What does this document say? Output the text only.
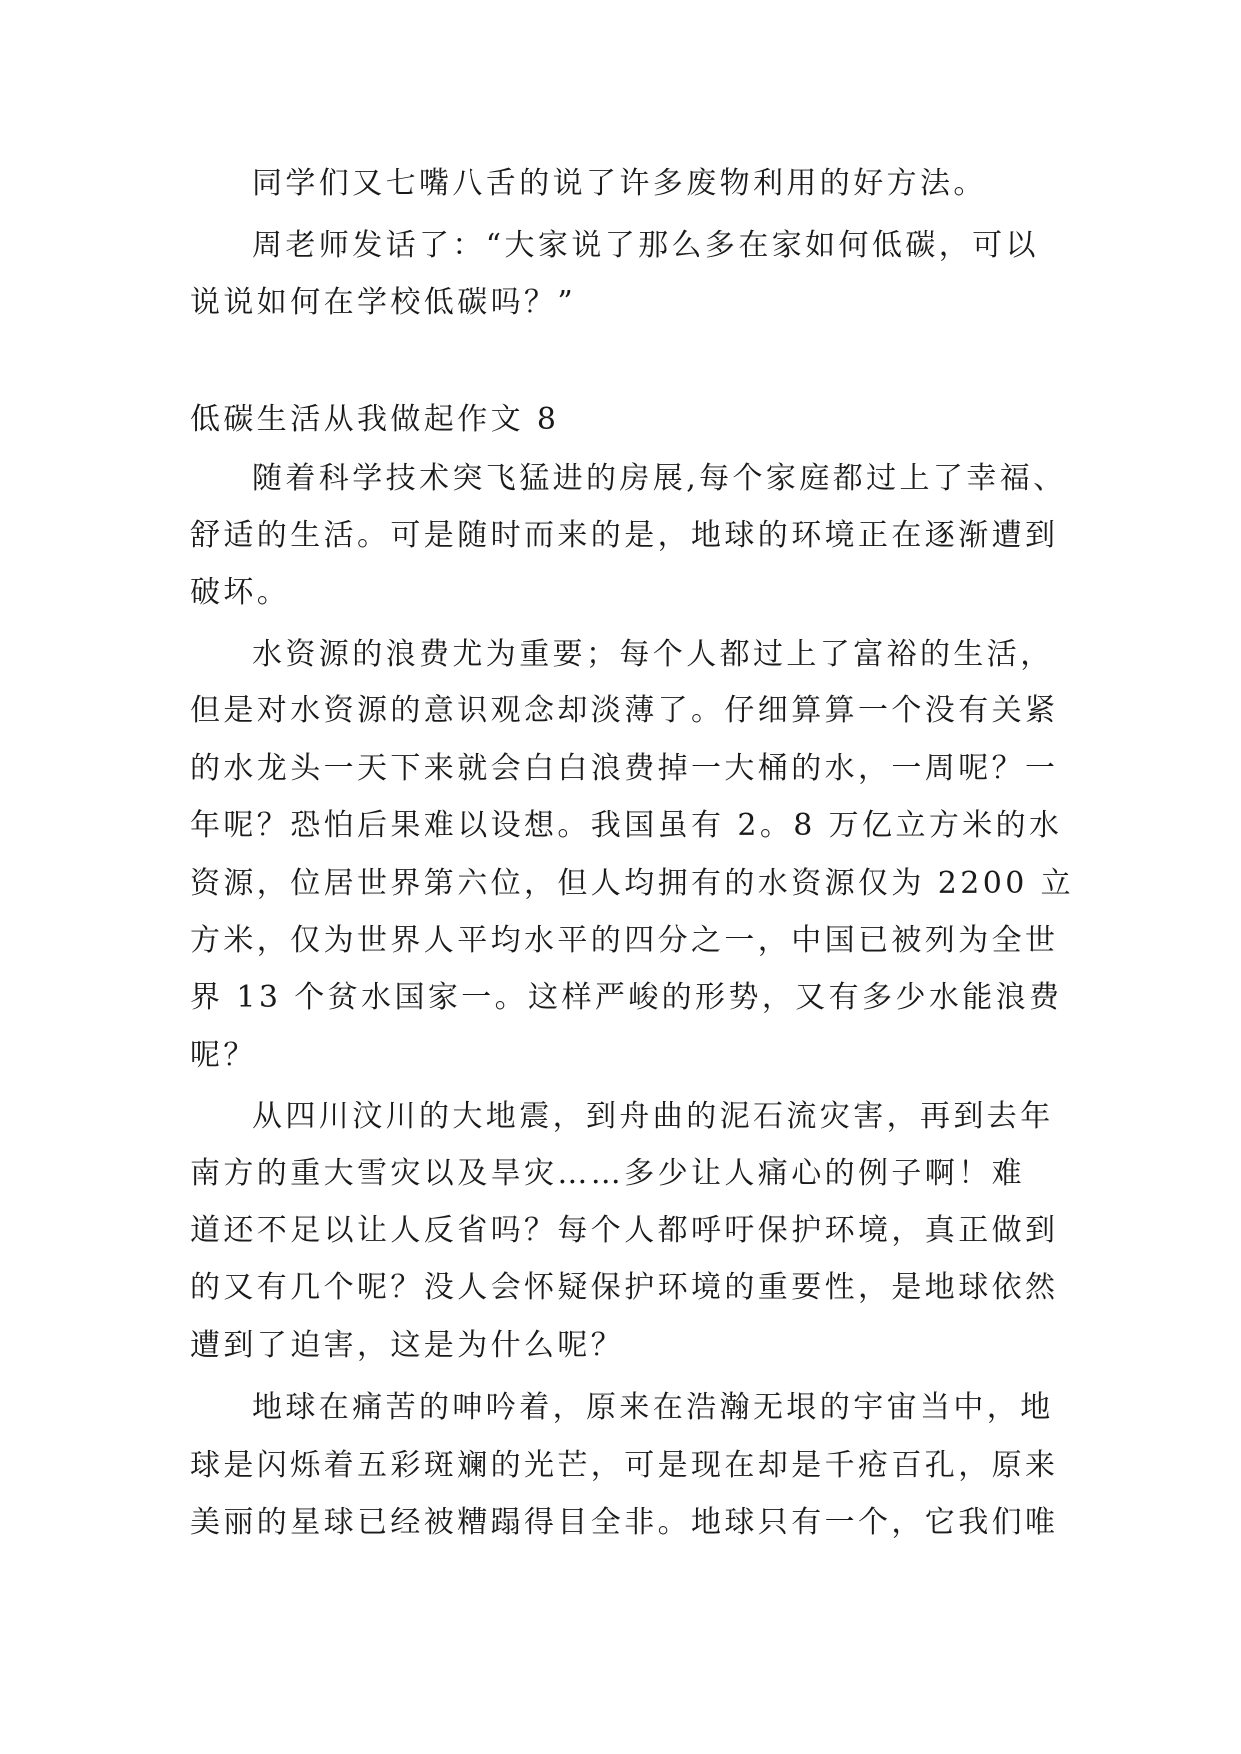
同学们又七嘴八舌的说了许多废物利用的好方法。

周老师发话了：“大家说了那么多在家如何低碳，可以

说说如何在学校低碳吗？”

低碳生活从我做起作文 8

随着科学技术突飞猛进的房展,每个家庭都过上了幸福、

舒适的生活。可是随时而来的是，地球的环境正在逐渐遭到

破坏。

水资源的浪费尤为重要；每个人都过上了富裕的生活，

但是对水资源的意识观念却淡薄了。仔细算算一个没有关紧

的水龙头一天下来就会白白浪费掉一大桶的水，一周呢？一

年呢？恐怕后果难以设想。我国虽有 2。8 万亿立方米的水

资源，位居世界第六位，但人均拥有的水资源仅为 2200 立

方米，仅为世界人平均水平的四分之一，中国已被列为全世

界 13 个贫水国家一。这样严峻的形势，又有多少水能浪费

呢？

从四川汶川的大地震，到舟曲的泥石流灾害，再到去年

南方的重大雪灾以及旱灾……多少让人痛心的例子啊！难

道还不足以让人反省吗？每个人都呼吁保护环境，真正做到

的又有几个呢？没人会怀疑保护环境的重要性，是地球依然

遭到了迫害，这是为什么呢？

地球在痛苦的呻吟着，原来在浩瀚无垠的宇宙当中，地

球是闪烁着五彩斑斓的光芒，可是现在却是千疮百孔，原来

美丽的星球已经被糟蹋得目全非。地球只有一个，它我们唯
